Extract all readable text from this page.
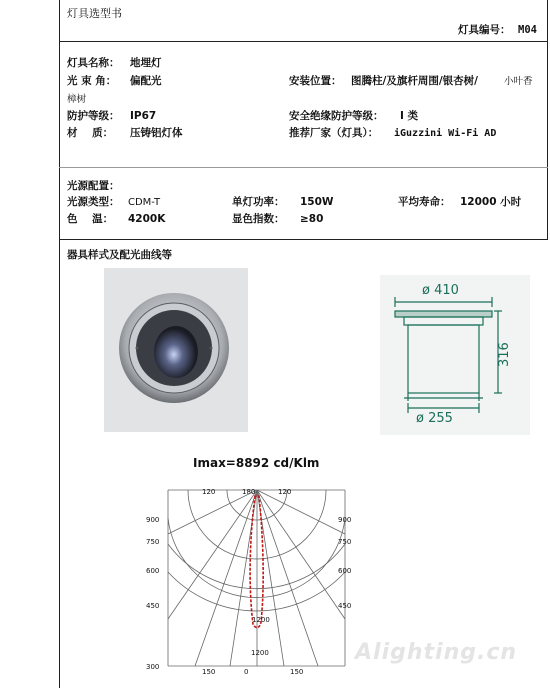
灯具选型书
灯具编号： M04
灯具名称： 地埋灯
光 束 角： 偏配光	安装位置： 图腾柱/及旗杆周围/银杏树/	小叶香
樟树
防护等级： IP67	安全绝缘防护等级： I 类
材    质： 压铸铝灯体	推荐厂家（灯具）： iGuzzini Wi-Fi AD
光源配置：
光源类型： CDM-T	单灯功率： 150W	平均寿命： 12000 小时
色    温： 4200K	显色指数： ≥80
器具样式及配光曲线等
ø 410
316
ø 255
Imax=8892 cd/Klm
120	180	120
900
750
600
450
300
900
750
600
450
1200
1200
150	0	150
Alighting.cn
